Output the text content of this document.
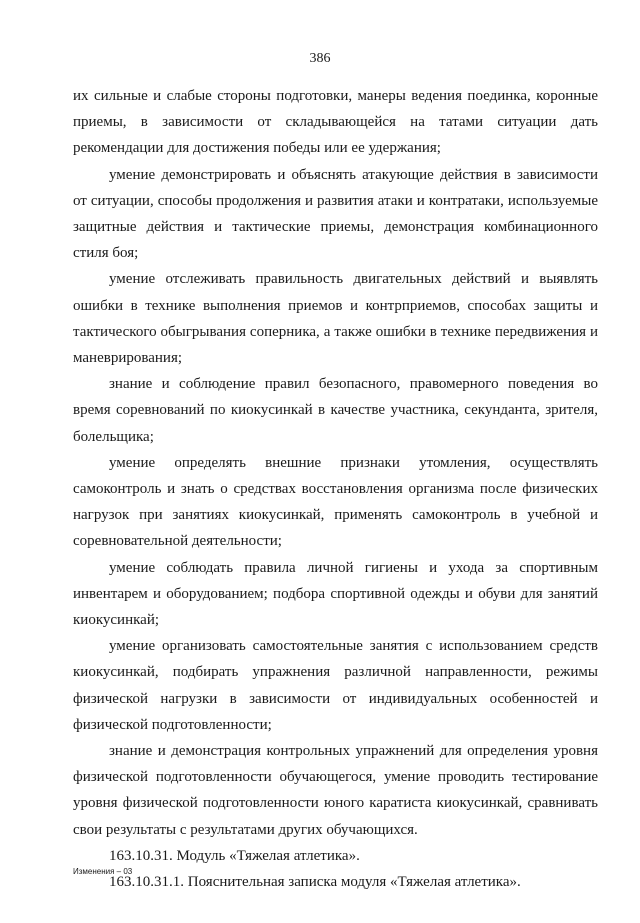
386

их сильные и слабые стороны подготовки, манеры ведения поединка, коронные приемы, в зависимости от складывающейся на татами ситуации дать рекомендации для достижения победы или ее удержания;

умение демонстрировать и объяснять атакующие действия в зависимости от ситуации, способы продолжения и развития атаки и контратаки, используемые защитные действия и тактические приемы, демонстрация комбинационного стиля боя;

умение отслеживать правильность двигательных действий и выявлять ошибки в технике выполнения приемов и контрприемов, способах защиты и тактического обыгрывания соперника, а также ошибки в технике передвижения и маневрирования;

знание и соблюдение правил безопасного, правомерного поведения во время соревнований по киокусинкай в качестве участника, секунданта, зрителя, болельщика;

умение определять внешние признаки утомления, осуществлять самоконтроль и знать о средствах восстановления организма после физических нагрузок при занятиях киокусинкай, применять самоконтроль в учебной и соревновательной деятельности;

умение соблюдать правила личной гигиены и ухода за спортивным инвентарем и оборудованием; подбора спортивной одежды и обуви для занятий киокусинкай;

умение организовать самостоятельные занятия с использованием средств киокусинкай, подбирать упражнения различной направленности, режимы физической нагрузки в зависимости от индивидуальных особенностей и физической подготовленности;

знание и демонстрация контрольных упражнений для определения уровня физической подготовленности обучающегося, умение проводить тестирование уровня физической подготовленности юного каратиста киокусинкай, сравнивать свои результаты с результатами других обучающихся.

163.10.31. Модуль «Тяжелая атлетика».

163.10.31.1. Пояснительная записка модуля «Тяжелая атлетика».

Изменения – 03
